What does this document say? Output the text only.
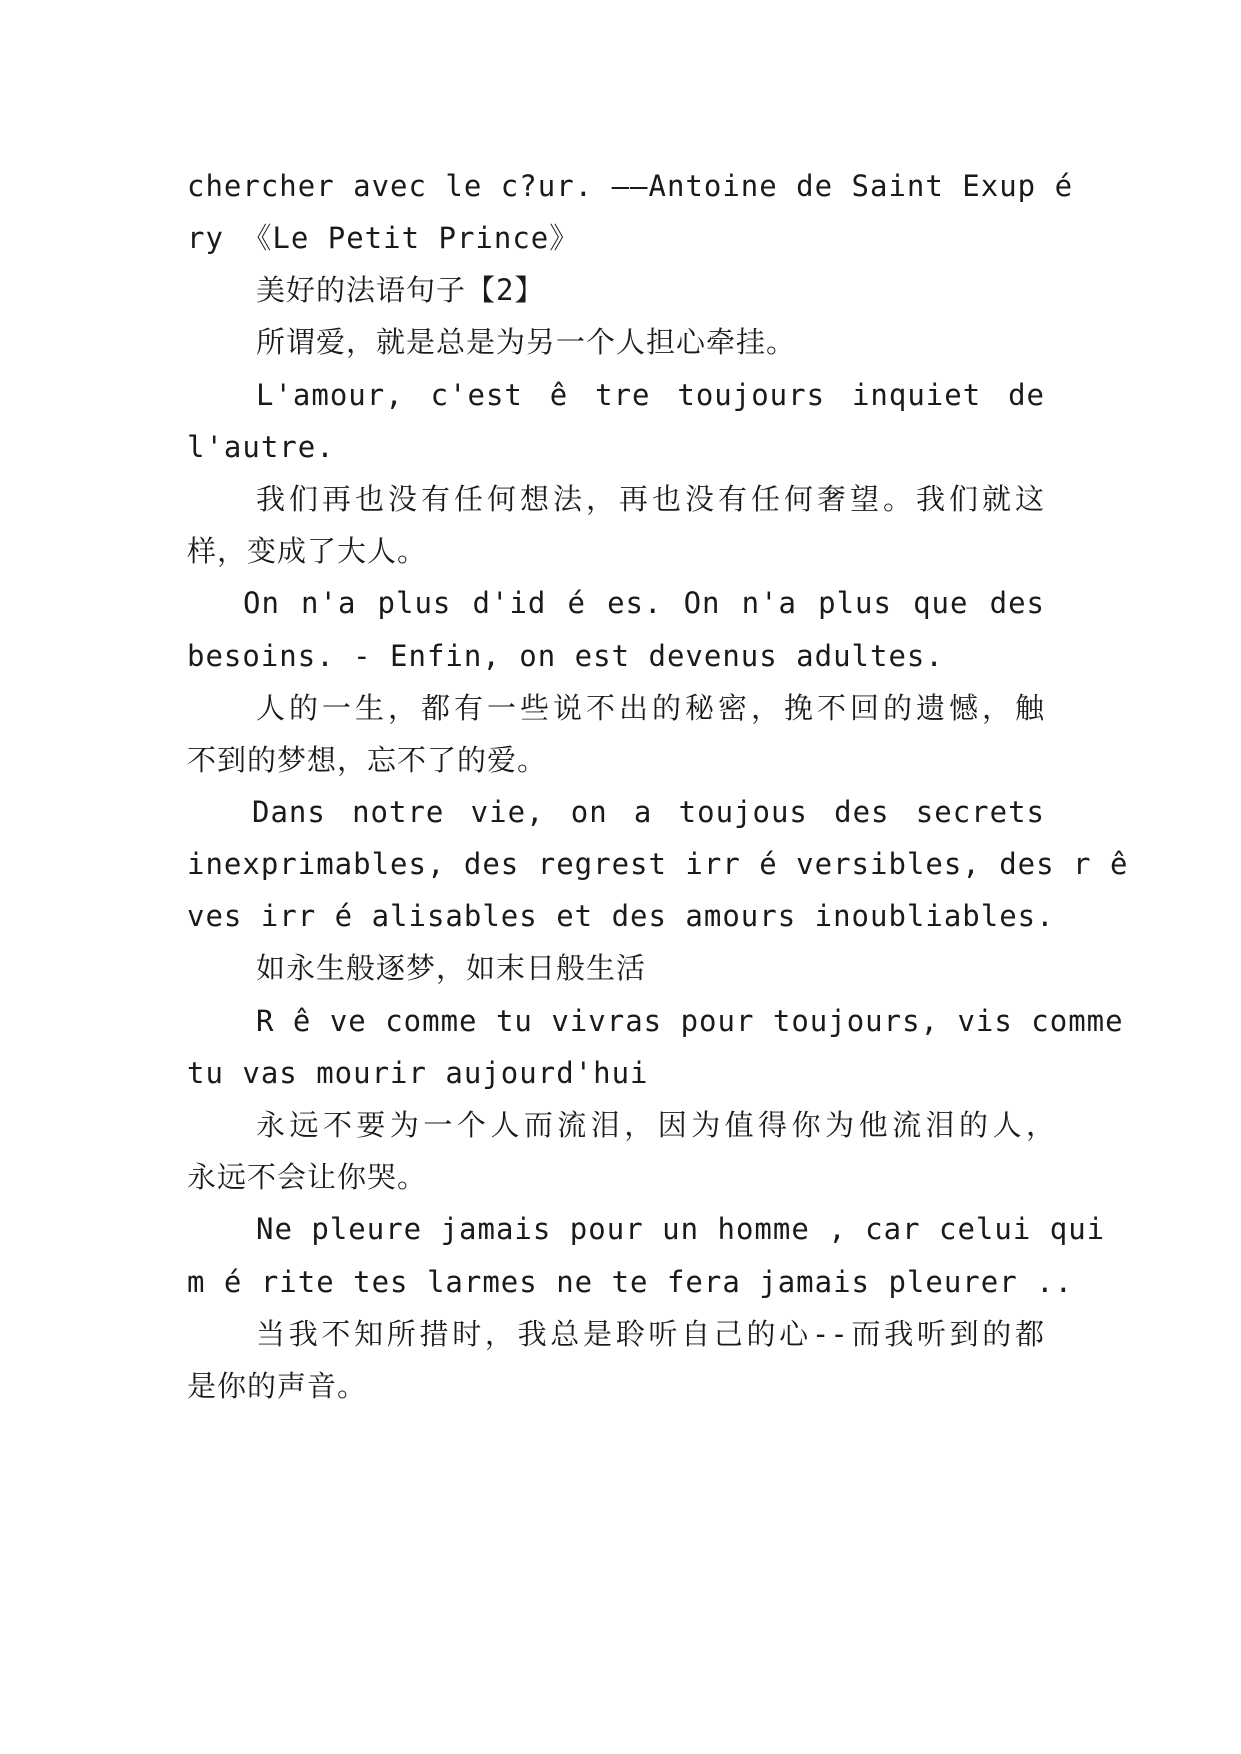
chercher avec le c?ur. ——Antoine de Saint Exup é
ry 《Le Petit Prince》
美好的法语句子【2】
所谓爱，就是总是为另一个人担心牵挂。
L'amour, c'est ê tre toujours inquiet de
l'autre.
我们再也没有任何想法，再也没有任何奢望。我们就这
样，变成了大人。
On n'a plus d'id é es. On n'a plus que des
besoins. - Enfin, on est devenus adultes.
人的一生，都有一些说不出的秘密，挽不回的遗憾，触
不到的梦想，忘不了的爱。
Dans notre vie, on a toujous des secrets
inexprimables, des regrest irr é versibles, des r ê
ves irr é alisables et des amours inoubliables.
如永生般逐梦，如末日般生活
R ê ve comme tu vivras pour toujours, vis comme
tu vas mourir aujourd'hui
永远不要为一个人而流泪，因为值得你为他流泪的人，
永远不会让你哭。
Ne pleure jamais pour un homme , car celui qui
m é rite tes larmes ne te fera jamais pleurer ..
当我不知所措时，我总是聆听自己的心--而我听到的都
是你的声音。
